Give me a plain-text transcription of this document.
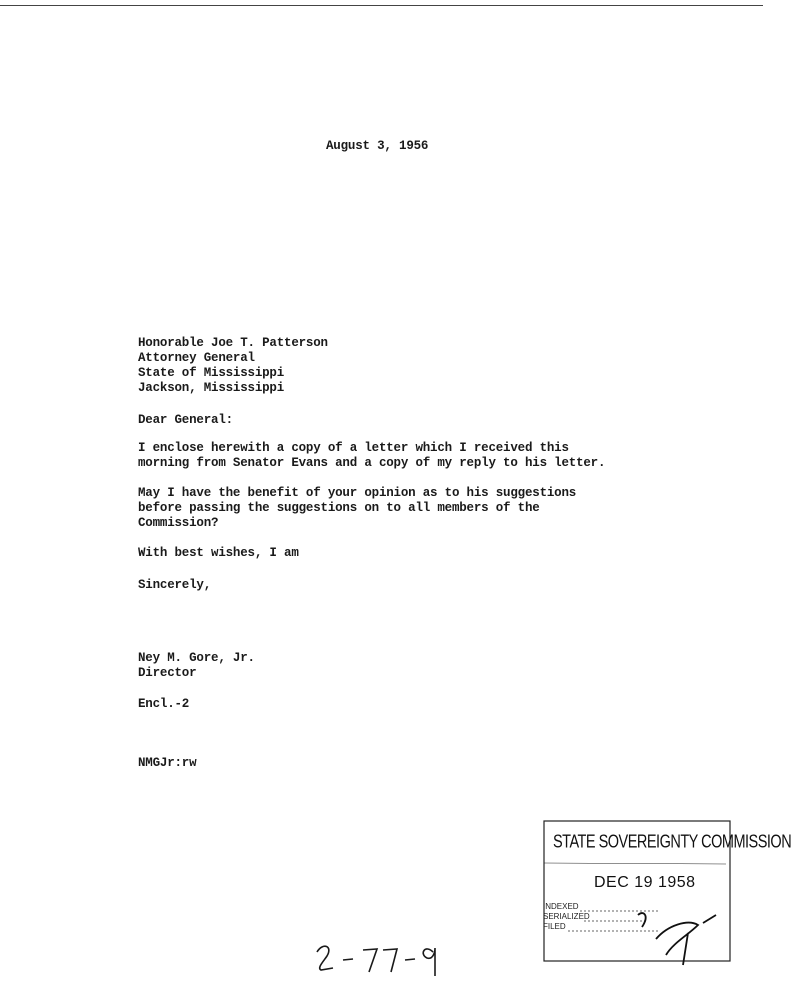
August 3, 1956
Honorable Joe T. Patterson
Attorney General
State of Mississippi
Jackson, Mississippi
Dear General:
I enclose herewith a copy of a letter which I received this
morning from Senator Evans and a copy of my reply to his letter.
May I have the benefit of your opinion as to his suggestions
before passing the suggestions on to all members of the
Commission?
With best wishes, I am
Sincerely,
Ney M. Gore, Jr.
Director
Encl.-2
NMGJr:rw
STATE SOVEREIGNTY COMMISSION
DEC 19 1958
INDEXED
SERIALIZED
FILED
